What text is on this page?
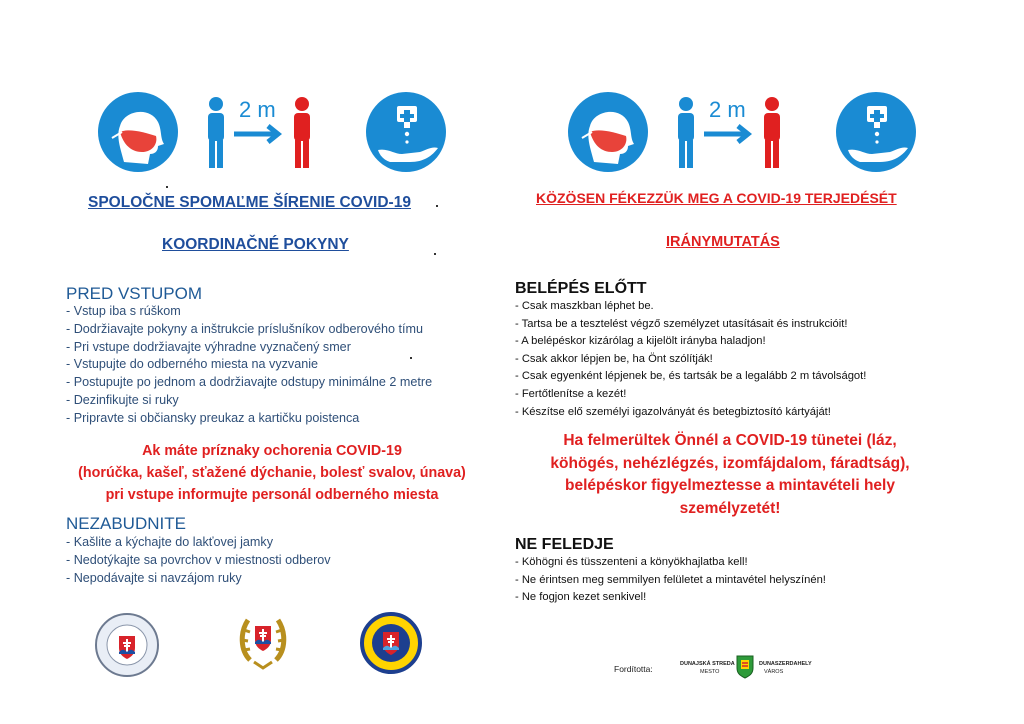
2 m
SPOLOČNE SPOMAĽME ŠÍRENIE COVID-19
KOORDINAČNÉ POKYNY
PRED VSTUPOM
- Vstup iba s rúškom
- Dodržiavajte pokyny a inštrukcie príslušníkov odberového tímu
- Pri vstupe dodržiavajte výhradne vyznačený smer
- Vstupujte do odberného miesta na vyzvanie
- Postupujte po jednom a dodržiavajte odstupy minimálne 2 metre
- Dezinfikujte si ruky
- Pripravte si občiansky preukaz a kartičku poistenca
Ak máte príznaky ochorenia COVID-19
(horúčka, kašeľ, sťažené dýchanie, bolesť svalov, únava)
pri vstupe informujte personál odberného miesta
NEZABUDNITE
- Kašlite a kýchajte do lakťovej jamky
- Nedotýkajte sa povrchov v miestnosti odberov
- Nepodávajte si navzájom ruky
2 m
KÖZÖSEN FÉKEZZÜK MEG A COVID-19 TERJEDÉSÉT
IRÁNYMUTATÁS
BELÉPÉS ELŐTT
- Csak maszkban léphet be.
- Tartsa be a tesztelést végző személyzet utasításait és instrukcióit!
- A belépéskor kizárólag a kijelölt irányba haladjon!
- Csak akkor lépjen be, ha Önt szólítják!
- Csak egyenként lépjenek be, és tartsák be a legalább 2 m távolságot!
- Fertőtlenítse a kezét!
- Készítse elő személyi igazolványát és betegbiztosító kártyáját!
Ha felmerültek Önnél a COVID-19 tünetei (láz,
köhögés, nehézlégzés, izomfájdalom, fáradtság),
belépéskor figyelmeztesse a mintavételi hely
személyzetét!
NE FELEDJE
- Köhögni és tüsszenteni a könyökhajlatba kell!
- Ne érintsen meg semmilyen felületet a mintavétel helyszínén!
- Ne fogjon kezet senkivel!
Fordította:	DUNAJSKÁ STREDA
MESTO
DUNASZERDAHELY
VÁROS
